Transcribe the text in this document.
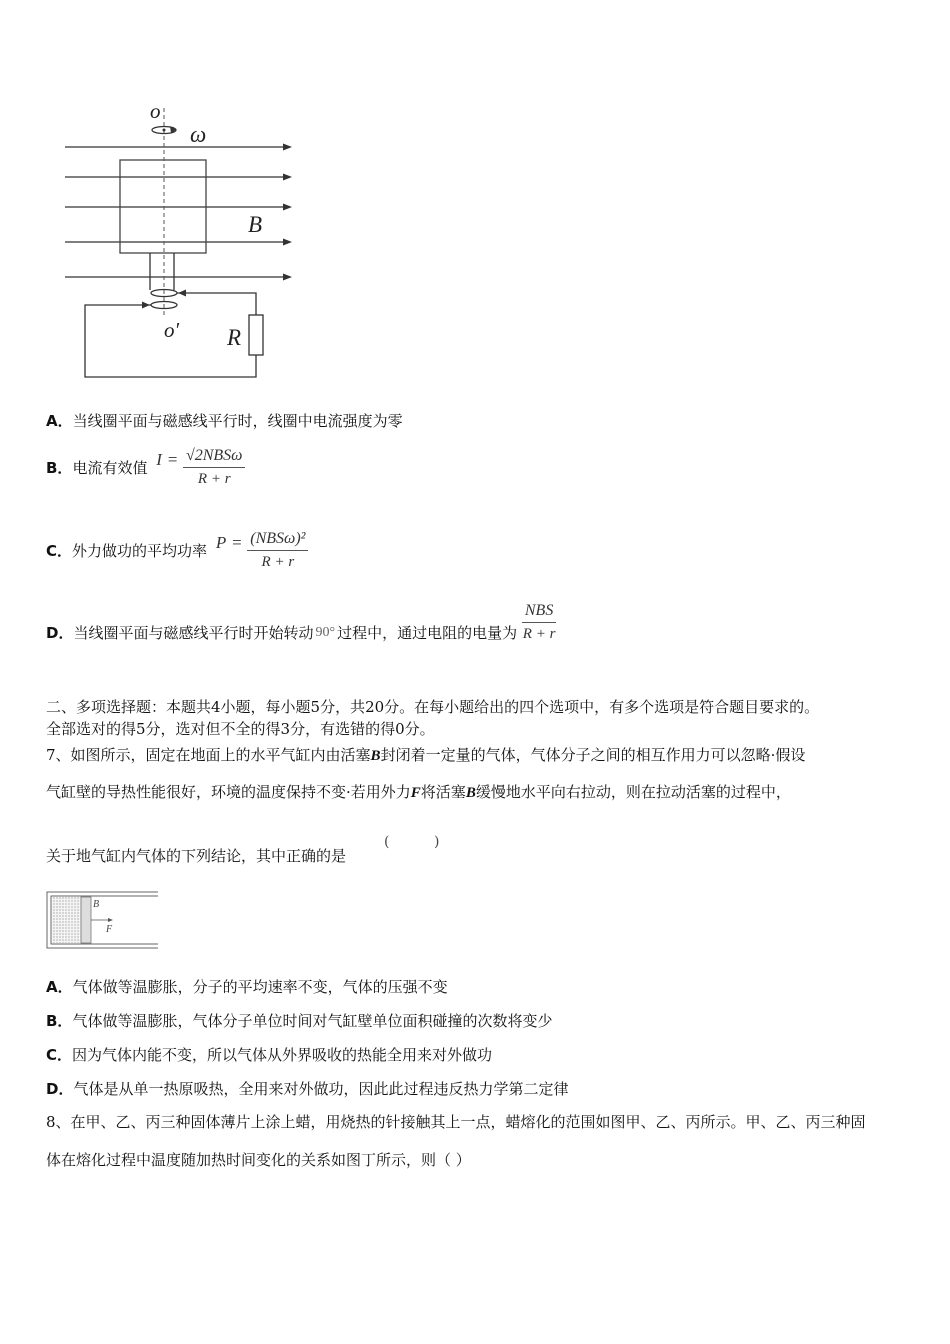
o
ω
B
o′ R
A．当线圈平面与磁感线平行时，线圈中电流强度为零
B．电流有效值 $I = \frac{\text{√2NBSω}}{R + r}$
C．外力做功的平均功率 $P = \frac{\text{(NBSω)²}}{R + r}$
D．当线圈平面与磁感线平行时开始转动 90° 过程中，通过电阻的电量为 $\frac{\text{NBS}}{R + r}$
二、多项选择题：本题共4小题，每小题5分，共20分。在每小题给出的四个选项中，有多个选项是符合题目要求的。
全部选对的得5分，选对但不全的得3分，有选错的得0分。
7、如图所示，固定在地面上的水平气缸内由活塞B封闭着一定量的气体，气体分子之间的相互作用力可以忽略·假设
气缸壁的导热性能很好，环境的温度保持不变·若用外力F将活塞B缓慢地水平向右拉动，则在拉动活塞的过程中，
关于地气缸内气体的下列结论，其中正确的是
(          )
B
F
A．气体做等温膨胀，分子的平均速率不变，气体的压强不变
B．气体做等温膨胀，气体分子单位时间对气缸壁单位面积碰撞的次数将变少
C．因为气体内能不变，所以气体从外界吸收的热能全用来对外做功
D．气体是从单一热原吸热，全用来对外做功，因此此过程违反热力学第二定律
8、在甲、乙、丙三种固体薄片上涂上蜡，用烧热的针接触其上一点，蜡熔化的范围如图甲、乙、丙所示。甲、乙、丙三种固
体在熔化过程中温度随加热时间变化的关系如图丁所示，则（ ）
